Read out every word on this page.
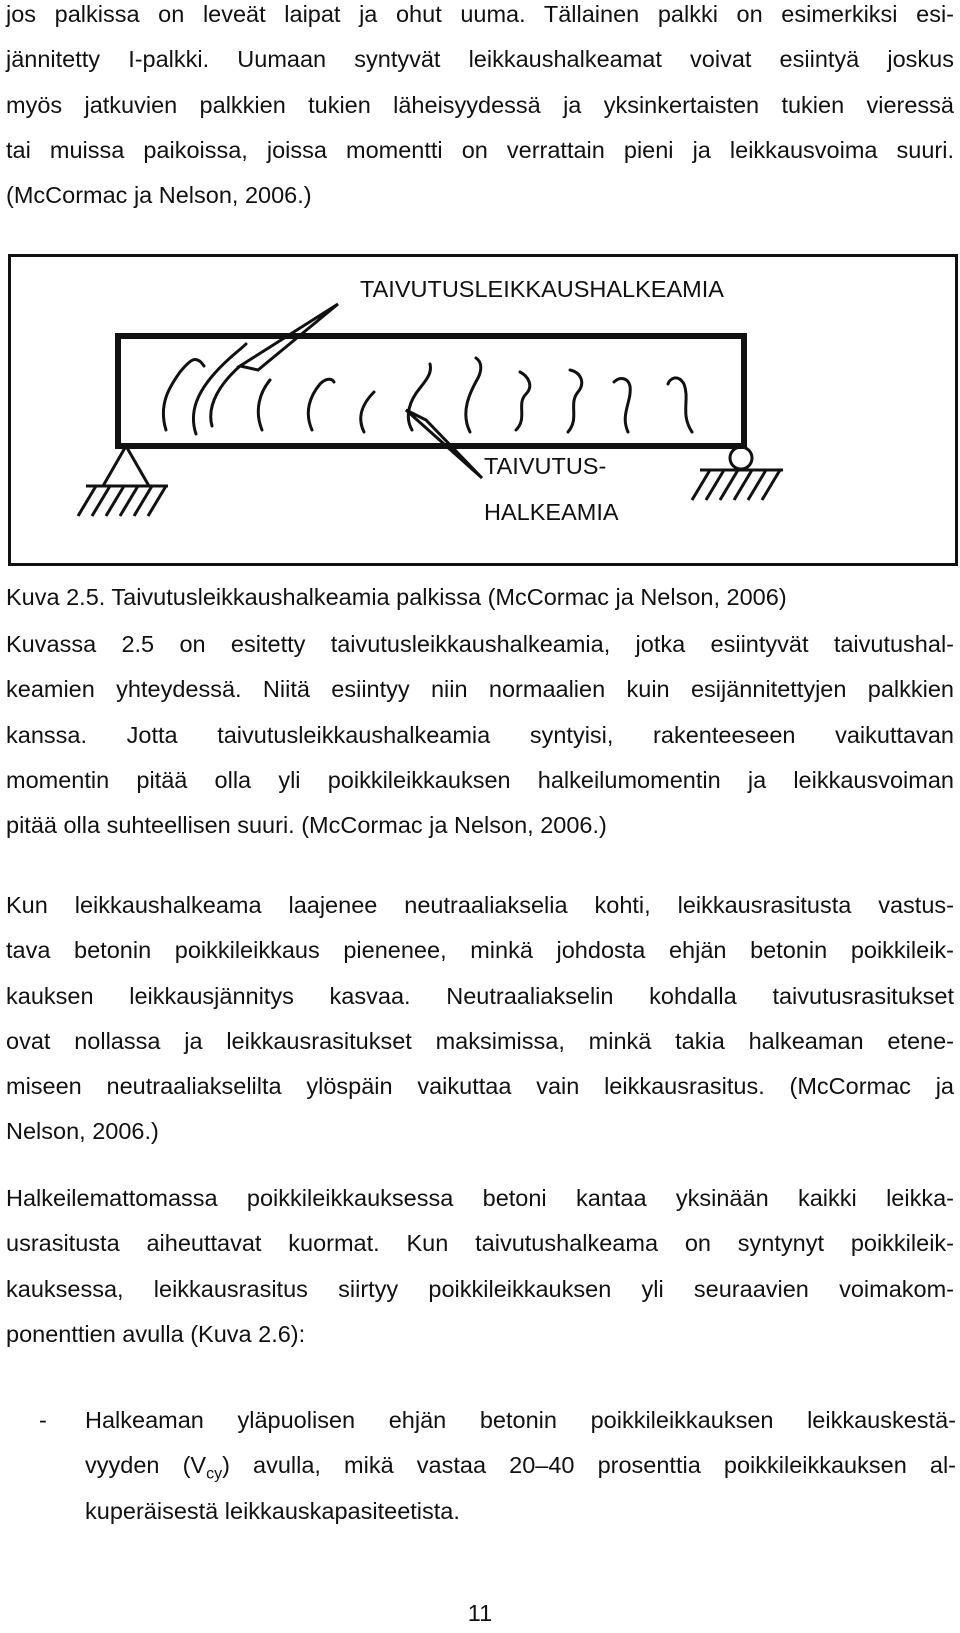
jos palkissa on leveät laipat ja ohut uuma. Tällainen palkki on esimerkiksi esi-
jännitetty I-palkki. Uumaan syntyvät leikkaushalkeamat voivat esiintyä joskus
myös jatkuvien palkkien tukien läheisyydessä ja yksinkertaisten tukien vieressä
tai muissa paikoissa, joissa momentti on verrattain pieni ja leikkausvoima suuri.
(McCormac ja Nelson, 2006.)
TAIVUTUSLEIKKAUSHALKEAMIA
TAIVUTUS-
HALKEAMIA
Kuva 2.5. Taivutusleikkaushalkeamia palkissa (McCormac ja Nelson, 2006)
Kuvassa 2.5 on esitetty taivutusleikkaushalkeamia, jotka esiintyvät taivutushal-
keamien yhteydessä. Niitä esiintyy niin normaalien kuin esijännitettyjen palkkien
kanssa. Jotta taivutusleikkaushalkeamia syntyisi, rakenteeseen vaikuttavan
momentin pitää olla yli poikkileikkauksen halkeilumomentin ja leikkausvoiman
pitää olla suhteellisen suuri. (McCormac ja Nelson, 2006.)
Kun leikkaushalkeama laajenee neutraaliakselia kohti, leikkausrasitusta vastus-
tava betonin poikkileikkaus pienenee, minkä johdosta ehjän betonin poikkileik-
kauksen leikkausjännitys kasvaa. Neutraaliakselin kohdalla taivutusrasitukset
ovat nollassa ja leikkausrasitukset maksimissa, minkä takia halkeaman etene-
miseen neutraaliakselilta ylöspäin vaikuttaa vain leikkausrasitus. (McCormac ja
Nelson, 2006.)
Halkeilemattomassa poikkileikkauksessa betoni kantaa yksinään kaikki leikka-
usrasitusta aiheuttavat kuormat. Kun taivutushalkeama on syntynyt poikkileik-
kauksessa, leikkausrasitus siirtyy poikkileikkauksen yli seuraavien voimakom-
ponenttien avulla (Kuva 2.6):
- Halkeaman yläpuolisen ehjän betonin poikkileikkauksen leikkauskestä-
vyyden $(V_{cy})$ avulla, mikä vastaa 20–40 prosenttia poikkileikkauksen al-
kuperäisestä leikkauskapasiteetista.
11
